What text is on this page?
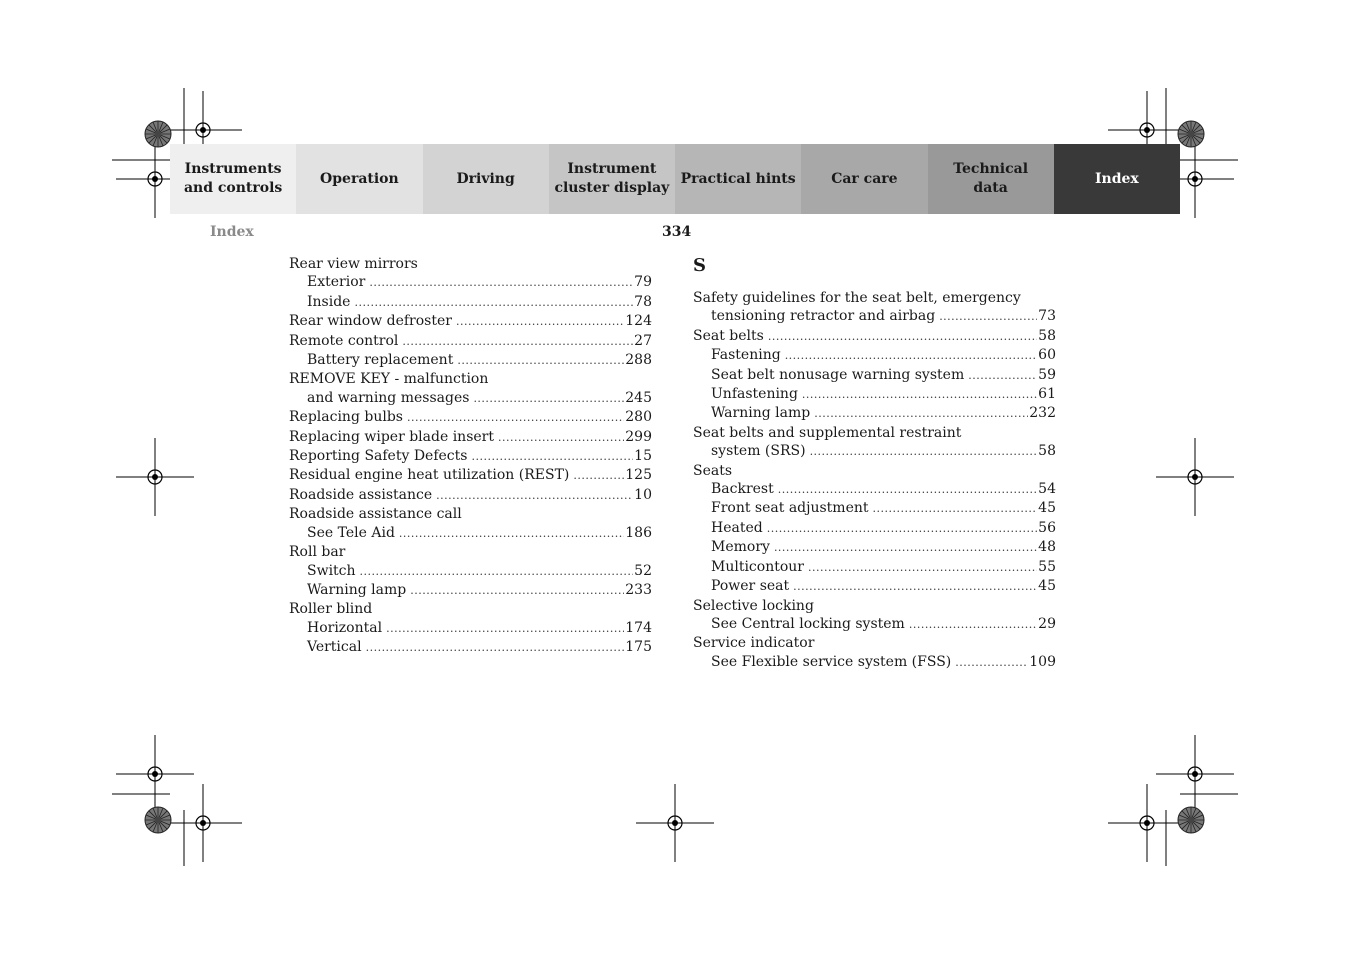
Instruments
and controls
Operation	Driving
Instrument
cluster display
Practical hints	Car care
Technical
data
Index
Index	334
Rear view mirrors
Exterior .....	79
Inside .....	78
Rear window defroster .....	124
Remote control .....	27
Battery replacement .....	288
REMOVE KEY - malfunction
and warning messages .....	245
Replacing bulbs .....	280
Replacing wiper blade insert .....	299
Reporting Safety Defects .....	15
Residual engine heat utilization (REST) .....	125
Roadside assistance .....	10
Roadside assistance call
See Tele Aid .....	186
Roll bar
Switch .....	52
Warning lamp .....	233
Roller blind
Horizontal .....	174
Vertical .....	175
S
Safety guidelines for the seat belt, emergency
tensioning retractor and airbag .....	73
Seat belts .....	58
Fastening .....	60
Seat belt nonusage warning system .....	59
Unfastening .....	61
Warning lamp .....	232
Seat belts and supplemental restraint
system (SRS) .....	58
Seats
Backrest .....	54
Front seat adjustment .....	45
Heated .....	56
Memory .....	48
Multicontour .....	55
Power seat .....	45
Selective locking
See Central locking system .....	29
Service indicator
See Flexible service system (FSS) .....	109
